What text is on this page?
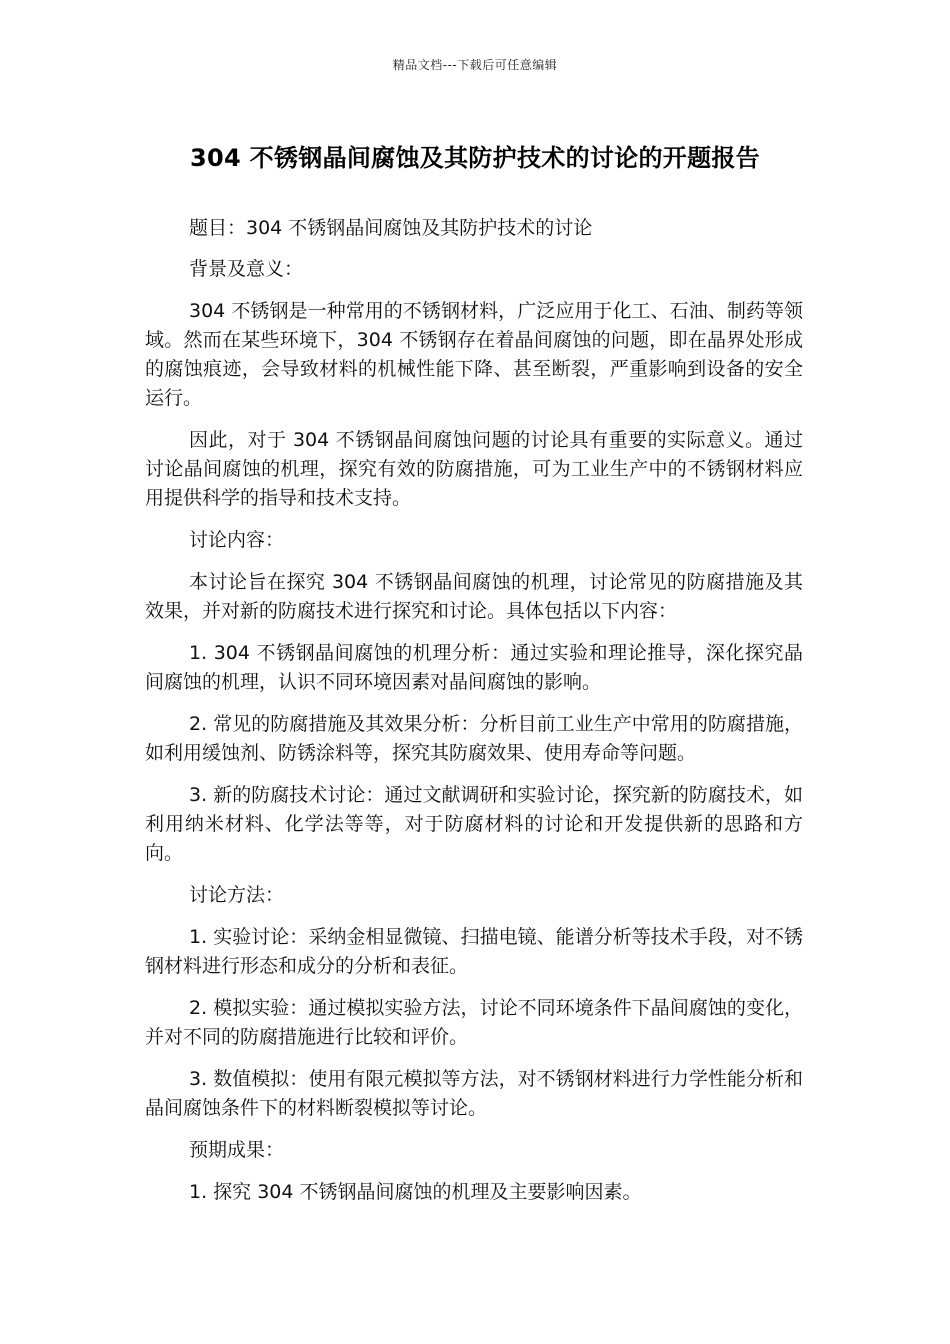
精品文档---下载后可任意编辑
304 不锈钢晶间腐蚀及其防护技术的讨论的开题报告

题目：304 不锈钢晶间腐蚀及其防护技术的讨论

背景及意义：

304 不锈钢是一种常用的不锈钢材料，广泛应用于化工、石油、制药等领域。然而在某些环境下，304 不锈钢存在着晶间腐蚀的问题，即在晶界处形成的腐蚀痕迹，会导致材料的机械性能下降、甚至断裂，严重影响到设备的安全运行。

因此，对于 304 不锈钢晶间腐蚀问题的讨论具有重要的实际意义。通过讨论晶间腐蚀的机理，探究有效的防腐措施，可为工业生产中的不锈钢材料应用提供科学的指导和技术支持。

讨论内容：

本讨论旨在探究 304 不锈钢晶间腐蚀的机理，讨论常见的防腐措施及其效果，并对新的防腐技术进行探究和讨论。具体包括以下内容：

1. 304 不锈钢晶间腐蚀的机理分析：通过实验和理论推导，深化探究晶间腐蚀的机理，认识不同环境因素对晶间腐蚀的影响。

2. 常见的防腐措施及其效果分析：分析目前工业生产中常用的防腐措施，如利用缓蚀剂、防锈涂料等，探究其防腐效果、使用寿命等问题。

3. 新的防腐技术讨论：通过文献调研和实验讨论，探究新的防腐技术，如利用纳米材料、化学法等等，对于防腐材料的讨论和开发提供新的思路和方向。

讨论方法：

1. 实验讨论：采纳金相显微镜、扫描电镜、能谱分析等技术手段，对不锈钢材料进行形态和成分的分析和表征。

2. 模拟实验：通过模拟实验方法，讨论不同环境条件下晶间腐蚀的变化，并对不同的防腐措施进行比较和评价。

3. 数值模拟：使用有限元模拟等方法，对不锈钢材料进行力学性能分析和晶间腐蚀条件下的材料断裂模拟等讨论。

预期成果：

1. 探究 304 不锈钢晶间腐蚀的机理及主要影响因素。
